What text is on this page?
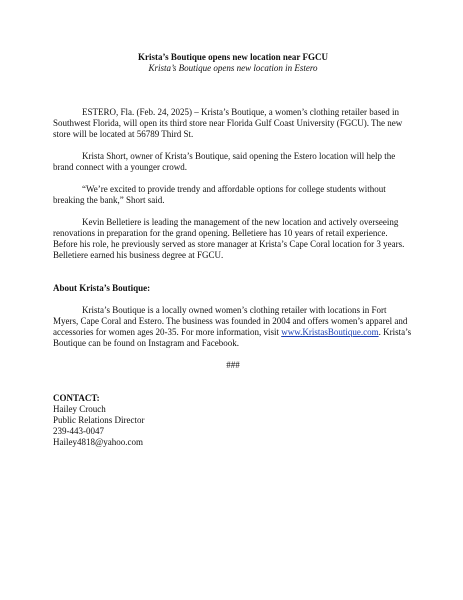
Krista’s Boutique opens new location near FGCU

Krista’s Boutique opens new location in Estero

ESTERO, Fla. (Feb. 24, 2025) – Krista’s Boutique, a women’s clothing retailer based in Southwest Florida, will open its third store near Florida Gulf Coast University (FGCU). The new store will be located at 56789 Third St.

Krista Short, owner of Krista’s Boutique, said opening the Estero location will help the brand connect with a younger crowd.

“We’re excited to provide trendy and affordable options for college students without breaking the bank,” Short said.

Kevin Belletiere is leading the management of the new location and actively overseeing renovations in preparation for the grand opening. Belletiere has 10 years of retail experience. Before his role, he previously served as store manager at Krista’s Cape Coral location for 3 years. Belletiere earned his business degree at FGCU.

About Krista’s Boutique:

Krista’s Boutique is a locally owned women’s clothing retailer with locations in Fort Myers, Cape Coral and Estero. The business was founded in 2004 and offers women’s apparel and accessories for women ages 20-35. For more information, visit www.KristasBoutique.com. Krista’s Boutique can be found on Instagram and Facebook.

###

CONTACT:

Hailey Crouch

Public Relations Director

239-443-0047

Hailey4818@yahoo.com
